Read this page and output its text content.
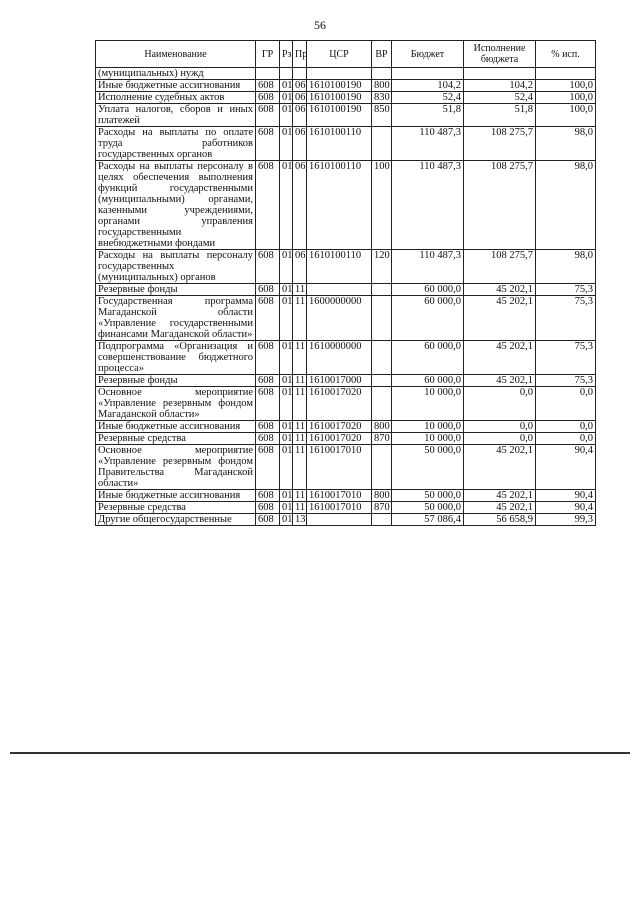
56
Наименование	ГР	Рз	Пр	ЦСР	ВР	Бюджет	Исполнение бюджета	% исп.
(муниципальных) нужд								
Иные бюджетные ассигнования	608	01	06	1610100190	800	104,2	104,2	100,0
Исполнение судебных актов	608	01	06	1610100190	830	52,4	52,4	100,0
Уплата налогов, сборов и иных платежей	608	01	06	1610100190	850	51,8	51,8	100,0
Расходы на выплаты по оплате труда работников государственных органов	608	01	06	1610100110		110 487,3	108 275,7	98,0
Расходы на выплаты персоналу в целях обеспечения выполнения функций государственными (муниципальными) органами, казенными учреждениями, органами управления государственными внебюджетными фондами	608	01	06	1610100110	100	110 487,3	108 275,7	98,0
Расходы на выплаты персоналу государственных (муниципальных) органов	608	01	06	1610100110	120	110 487,3	108 275,7	98,0
Резервные фонды	608	01	11			60 000,0	45 202,1	75,3
Государственная программа Магаданской области «Управление государственными финансами Магаданской области»	608	01	11	1600000000		60 000,0	45 202,1	75,3
Подпрограмма «Организация и совершенствование бюджетного процесса»	608	01	11	1610000000		60 000,0	45 202,1	75,3
Резервные фонды	608	01	11	1610017000		60 000,0	45 202,1	75,3
Основное мероприятие «Управление резервным фондом Магаданской области»	608	01	11	1610017020		10 000,0	0,0	0,0
Иные бюджетные ассигнования	608	01	11	1610017020	800	10 000,0	0,0	0,0
Резервные средства	608	01	11	1610017020	870	10 000,0	0,0	0,0
Основное мероприятие «Управление резервным фондом Правительства Магаданской области»	608	01	11	1610017010		50 000,0	45 202,1	90,4
Иные бюджетные ассигнования	608	01	11	1610017010	800	50 000,0	45 202,1	90,4
Резервные средства	608	01	11	1610017010	870	50 000,0	45 202,1	90,4
Другие общегосударственные	608	01	13			57 086,4	56 658,9	99,3
